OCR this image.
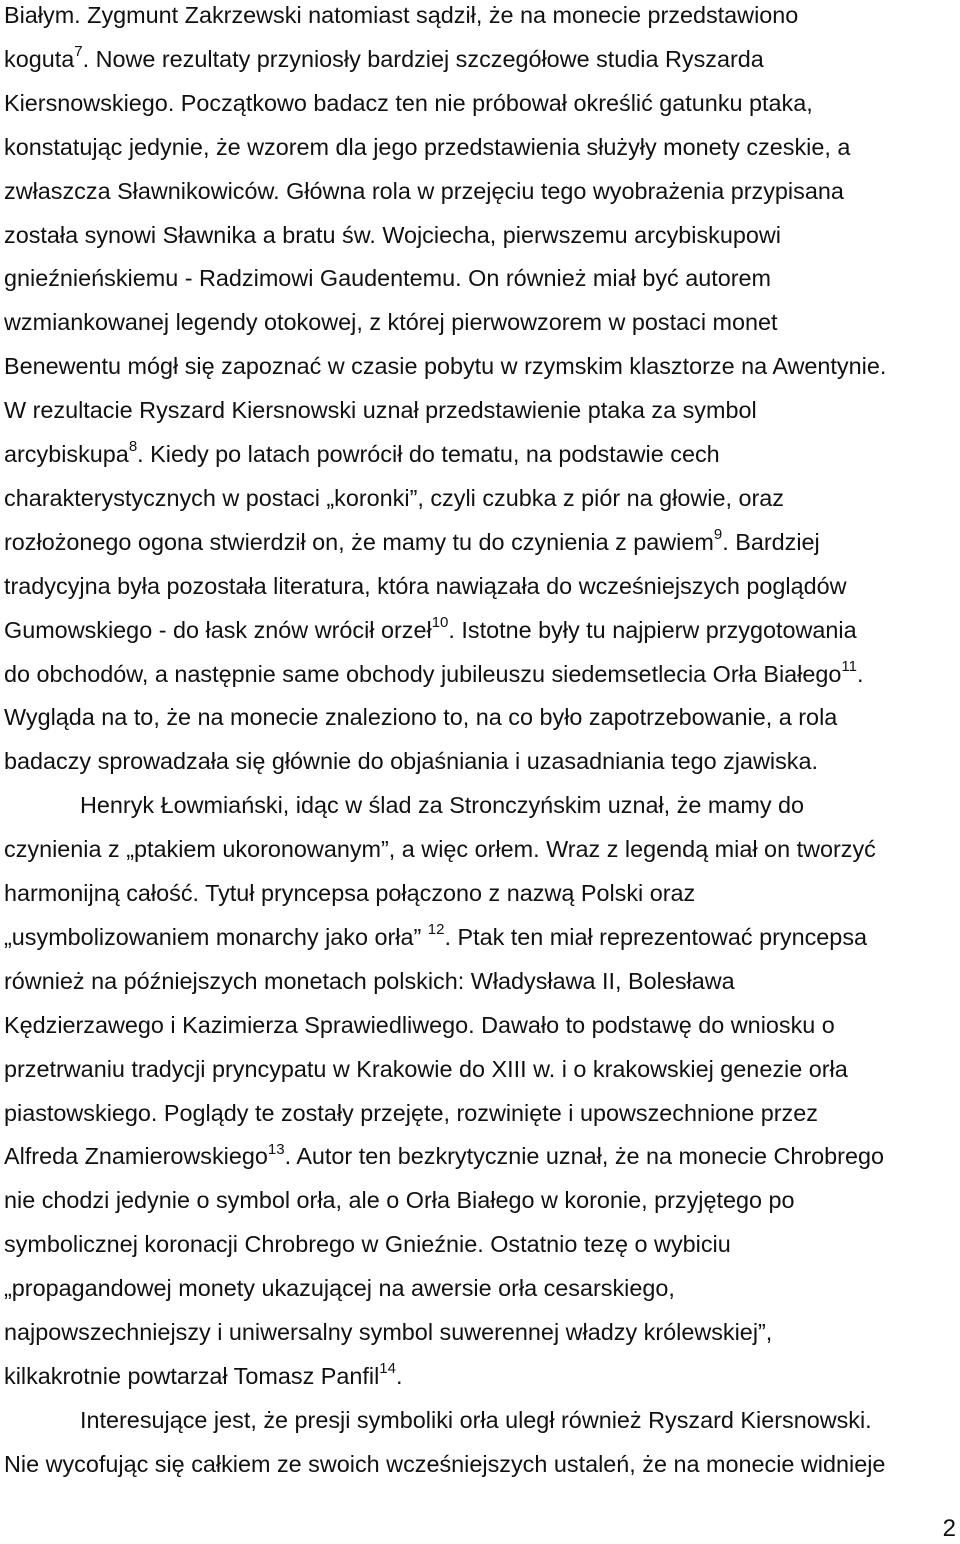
Białym. Zygmunt Zakrzewski natomiast sądził, że na monecie przedstawiono
koguta$^7$. Nowe rezultaty przyniosły bardziej szczegółowe studia Ryszarda
Kiersnowskiego. Początkowo badacz ten nie próbował określić gatunku ptaka,
konstatując jedynie, że wzorem dla jego przedstawienia służyły monety czeskie, a
zwłaszcza Sławnikowiców. Główna rola w przejęciu tego wyobrażenia przypisana
została synowi Sławnika a bratu św. Wojciecha, pierwszemu arcybiskupowi
gnieźnieńskiemu - Radzimowi Gaudentemu. On również miał być autorem
wzmiankowanej legendy otokowej, z której pierwowzorem w postaci monet
Benewentu mógł się zapoznać w czasie pobytu w rzymskim klasztorze na Awentynie.
W rezultacie Ryszard Kiersnowski uznał przedstawienie ptaka za symbol
arcybiskupa$^8$. Kiedy po latach powrócił do tematu, na podstawie cech
charakterystycznych w postaci „koronki”, czyli czubka z piór na głowie, oraz
rozłożonego ogona stwierdził on, że mamy tu do czynienia z pawiem$^9$. Bardziej
tradycyjna była pozostała literatura, która nawiązała do wcześniejszych poglądów
Gumowskiego - do łask znów wrócił orzeł$^{10}$. Istotne były tu najpierw przygotowania
do obchodów, a następnie same obchody jubileuszu siedemsetlecia Orła Białego$^{11}$.
Wygląda na to, że na monecie znaleziono to, na co było zapotrzebowanie, a rola
badaczy sprowadzała się głównie do objaśniania i uzasadniania tego zjawiska.
Henryk Łowmiański, idąc w ślad za Stronczyńskim uznał, że mamy do
czynienia z „ptakiem ukoronowanym”, a więc orłem. Wraz z legendą miał on tworzyć
harmonijną całość. Tytuł pryncepsa połączono z nazwą Polski oraz
„usymbolizowaniem monarchy jako orła” $^{12}$. Ptak ten miał reprezentować pryncepsa
również na późniejszych monetach polskich: Władysława II, Bolesława
Kędzierzawego i Kazimierza Sprawiedliwego. Dawało to podstawę do wniosku o
przetrwaniu tradycji pryncypatu w Krakowie do XIII w. i o krakowskiej genezie orła
piastowskiego. Poglądy te zostały przejęte, rozwinięte i upowszechnione przez
Alfreda Znamierowskiego$^{13}$. Autor ten bezkrytycznie uznał, że na monecie Chrobrego
nie chodzi jedynie o symbol orła, ale o Orła Białego w koronie, przyjętego po
symbolicznej koronacji Chrobrego w Gnieźnie. Ostatnio tezę o wybiciu
„propagandowej monety ukazującej na awersie orła cesarskiego,
najpowszechniejszy i uniwersalny symbol suwerennej władzy królewskiej”,
kilkakrotnie powtarzał Tomasz Panfil$^{14}$.
Interesujące jest, że presji symboliki orła uległ również Ryszard Kiersnowski.
Nie wycofując się całkiem ze swoich wcześniejszych ustaleń, że na monecie widnieje
2
